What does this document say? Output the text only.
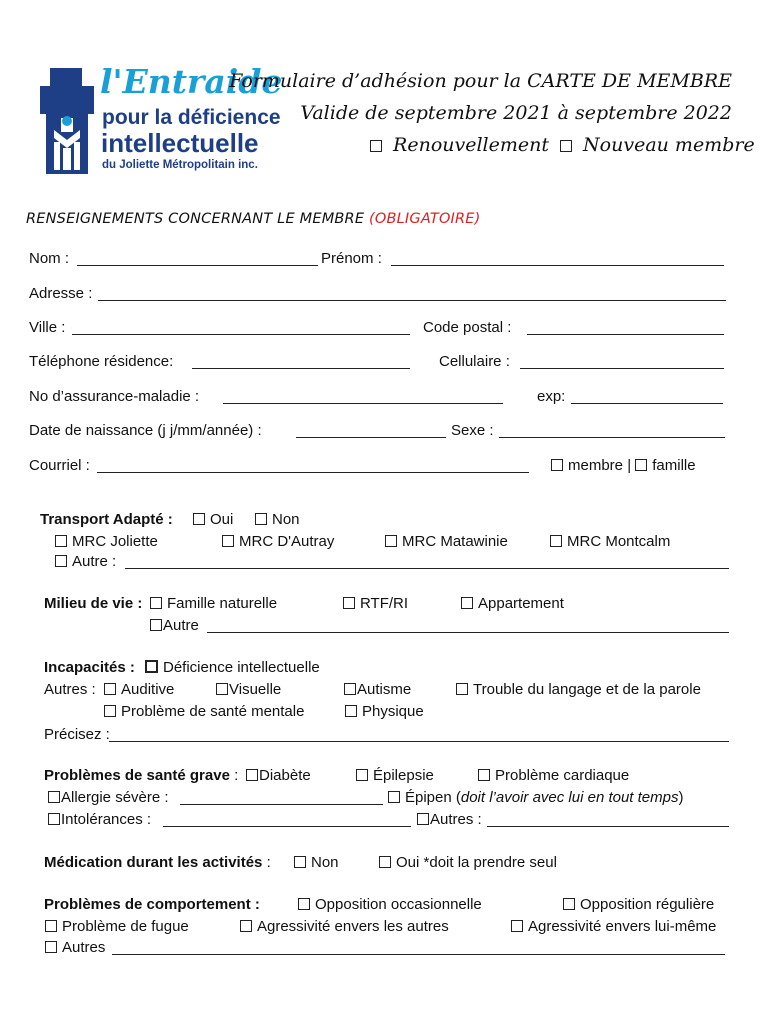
l'Entraide
pour la déficience
intellectuelle
du Joliette Métropolitain inc.
Formulaire d’adhésion pour la CARTE DE MEMBRE
Valide de septembre 2021 à septembre 2022
Renouvellement	Nouveau membre
RENSEIGNEMENTS CONCERNANT LE MEMBRE (OBLIGATOIRE)
Nom :	Prénom :
Adresse :
Ville :	Code postal :
Téléphone résidence:	Cellulaire :
No d’assurance-maladie :	exp:
Date de naissance (j j/mm/année) :	Sexe :
Courriel :	membre | famille
Transport Adapté :	Oui	Non
MRC Joliette	MRC D'Autray	MRC Matawinie	MRC Montcalm
Autre :
Milieu de vie :	Famille naturelle	RTF/RI	Appartement
Autre
Incapacités :	Déficience intellectuelle
Autres :	Auditive	Visuelle	Autisme	Trouble du langage et de la parole
Problème de santé mentale	Physique
Précisez :
Problèmes de santé grave :	Diabète	Épilepsie	Problème cardiaque
Allergie sévère :	Épipen (doit l’avoir avec lui en tout temps)
Intolérances :	Autres :
Médication durant les activités :	Non	Oui *doit la prendre seul
Problèmes de comportement :	Opposition occasionnelle	Opposition régulière
Problème de fugue	Agressivité envers les autres	Agressivité envers lui-même
Autres
